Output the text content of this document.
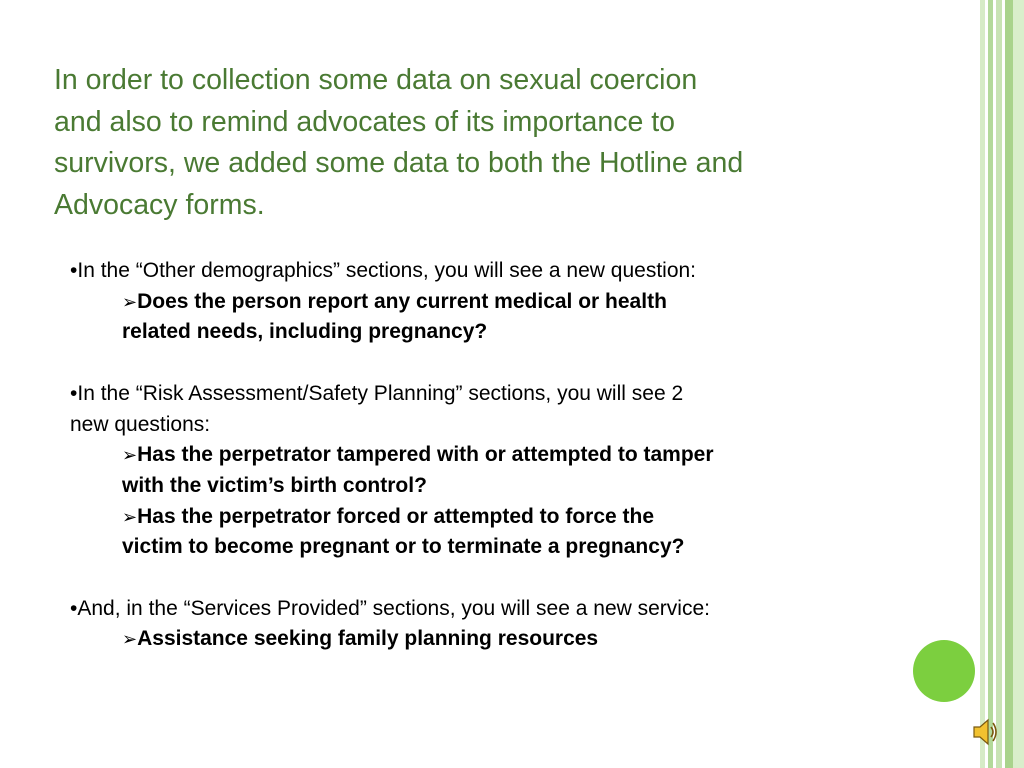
In order to collection some data on sexual coercion

and also to remind advocates of its importance to

survivors, we added some data to both the Hotline and

Advocacy forms.

•In the “Other demographics” sections, you will see a new question:

➢Does the person report any current medical or health

related needs, including pregnancy?

•In the “Risk Assessment/Safety Planning” sections, you will see 2

new questions:

➢Has the perpetrator tampered with or attempted to tamper

with the victim’s birth control?

➢Has the perpetrator forced or attempted to force the

victim to become pregnant or to terminate a pregnancy?

•And, in the “Services Provided” sections, you will see a new service:

➢Assistance seeking family planning resources
